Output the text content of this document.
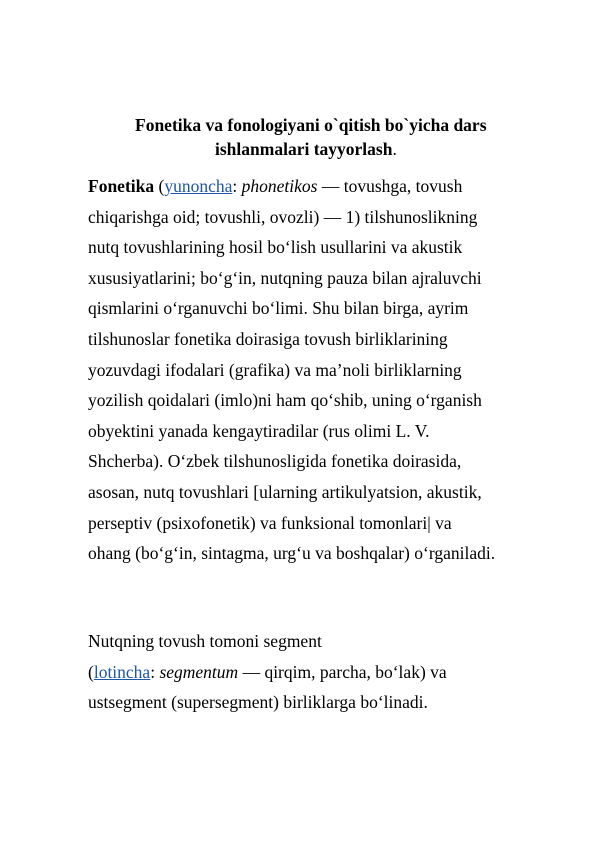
Fonetika va fonologiyani o`qitish bo`yicha dars
ishlanmalari tayyorlash.
Fonetika (yunoncha: phonetikos — tovushga, tovush
chiqarishga oid; tovushli, ovozli) — 1) tilshunoslikning
nutq tovushlarining hosil bo‘lish usullarini va akustik
xususiyatlarini; bo‘g‘in, nutqning pauza bilan ajraluvchi
qismlarini o‘rganuvchi bo‘limi. Shu bilan birga, ayrim
tilshunoslar fonetika doirasiga tovush birliklarining
yozuvdagi ifodalari (grafika) va ma’noli birliklarning
yozilish qoidalari (imlo)ni ham qo‘shib, uning o‘rganish
obyektini yanada kengaytiradilar (rus olimi L. V.
Shcherba). O‘zbek tilshunosligida fonetika doirasida,
asosan, nutq tovushlari [ularning artikulyatsion, akustik,
perseptiv (psixofonetik) va funksional tomonlari| va
ohang (bo‘g‘in, sintagma, urg‘u va boshqalar) o‘rganiladi.
Nutqning tovush tomoni segment
(lotincha: segmentum — qirqim, parcha, bo‘lak) va
ustsegment (supersegment) birliklarga bo‘linadi.
